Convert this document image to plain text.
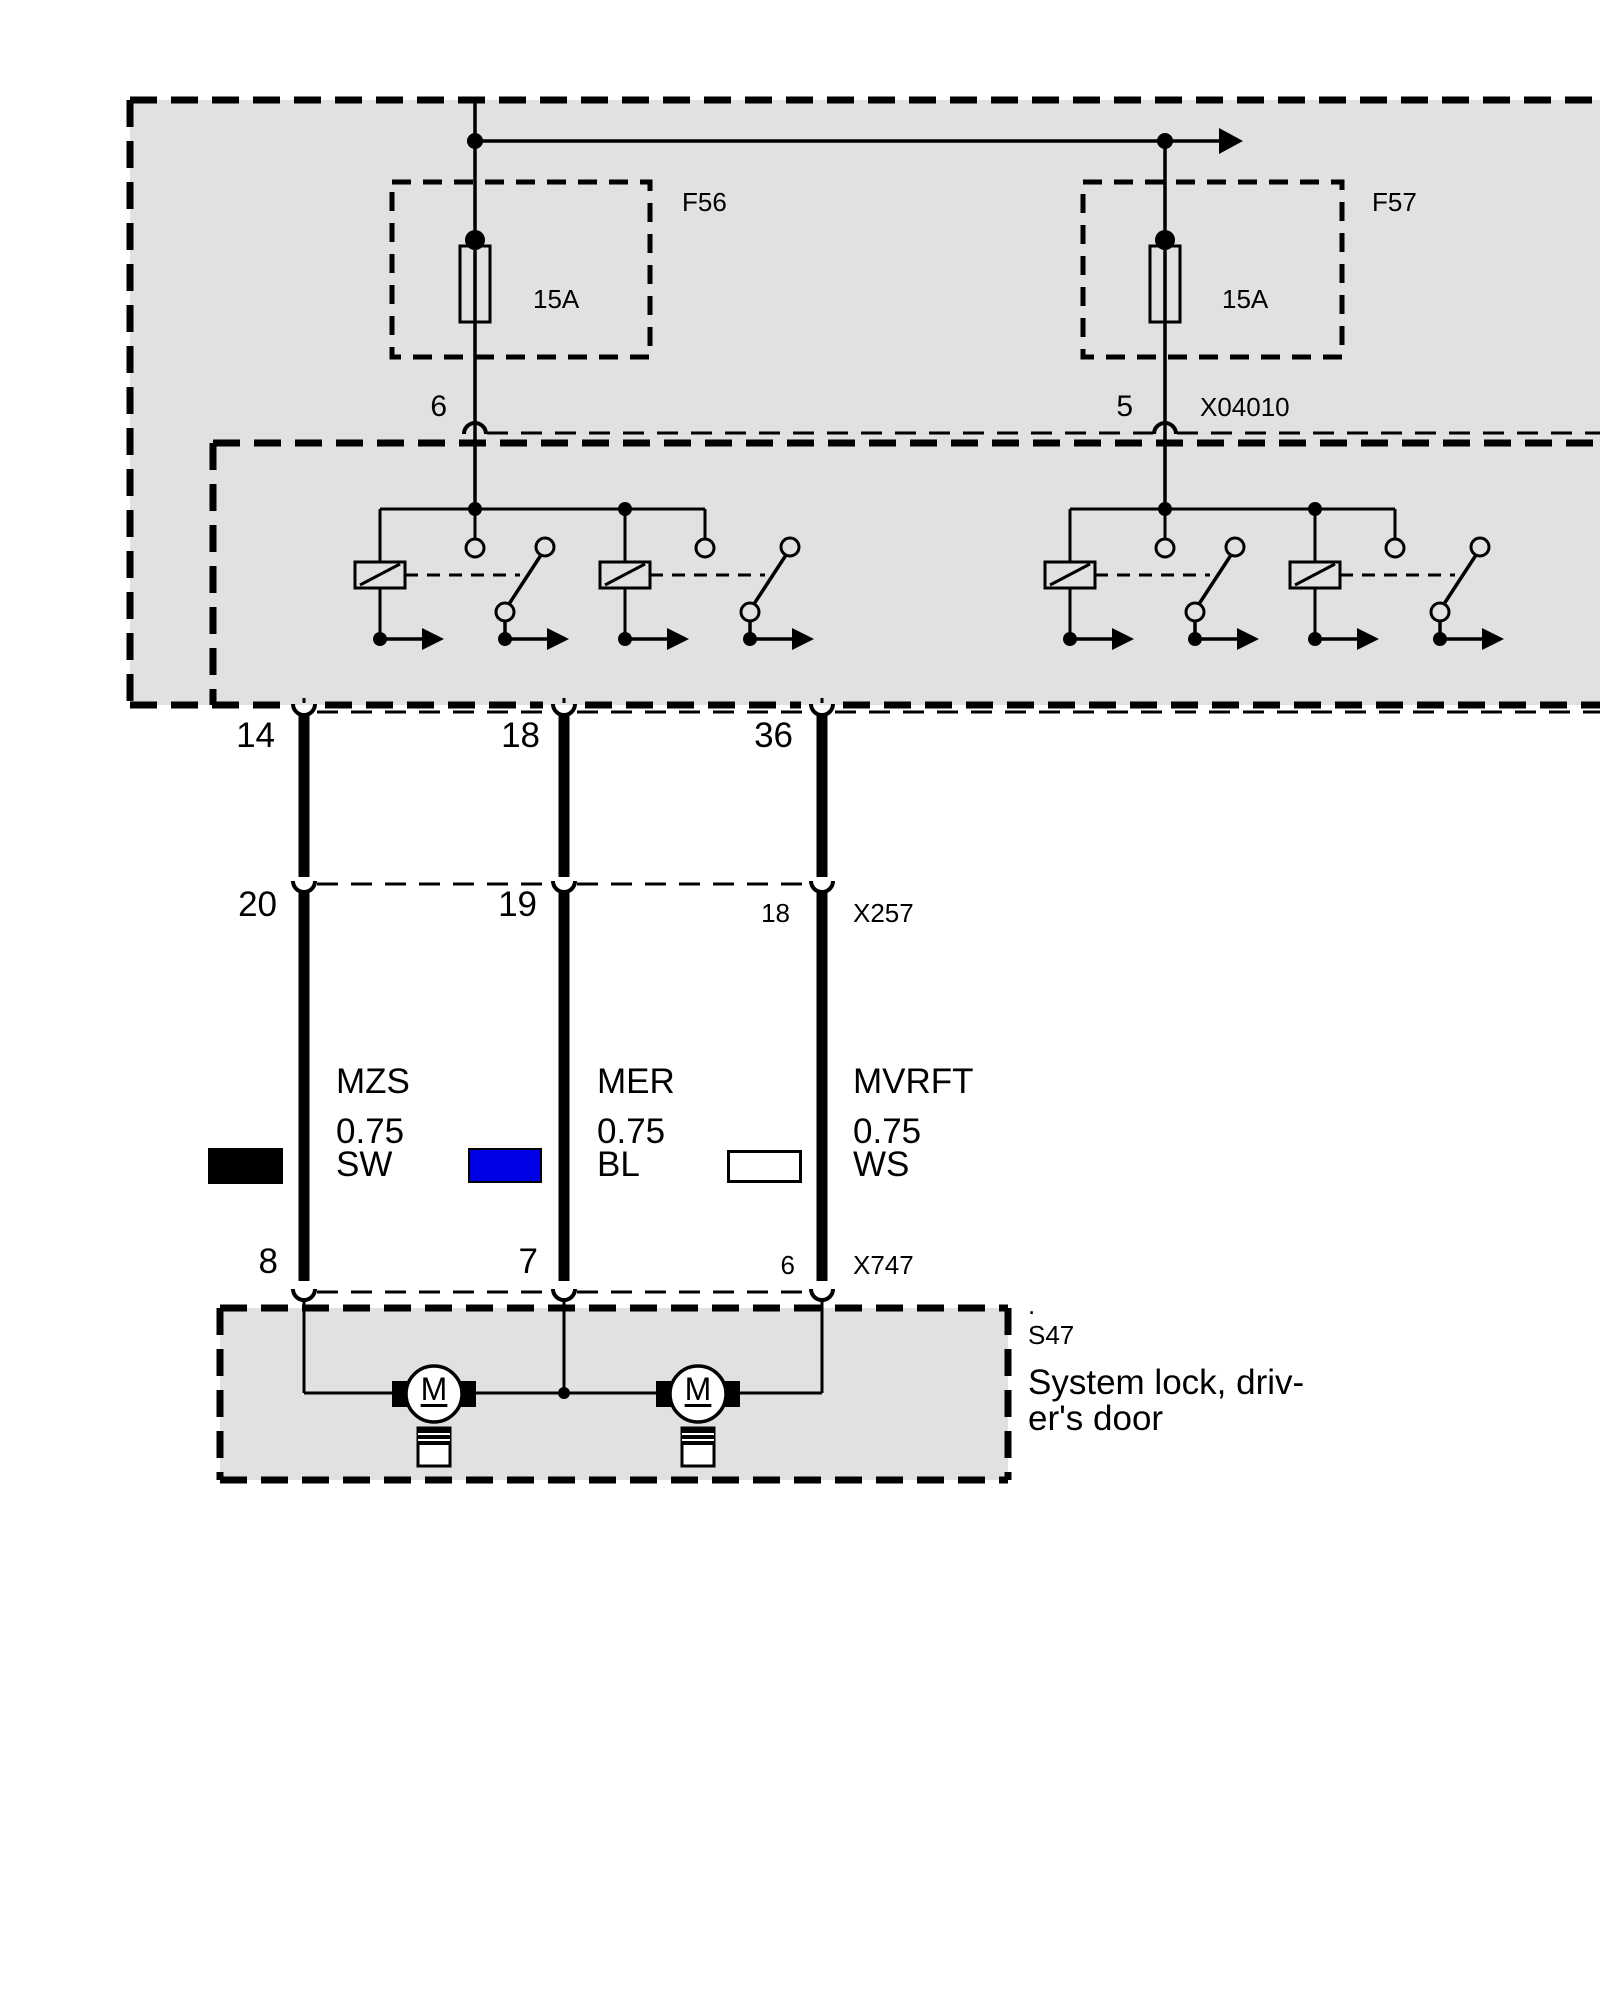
F56
15A
F57
15A
6	5	X04010
14	18	36
20	19	18 X257
MZS
0.75
SW
MER
0.75
BL
MVRFT
0.75
WS
8	7	6 X747
.
S47
System lock, driv-
er's door
M	M
